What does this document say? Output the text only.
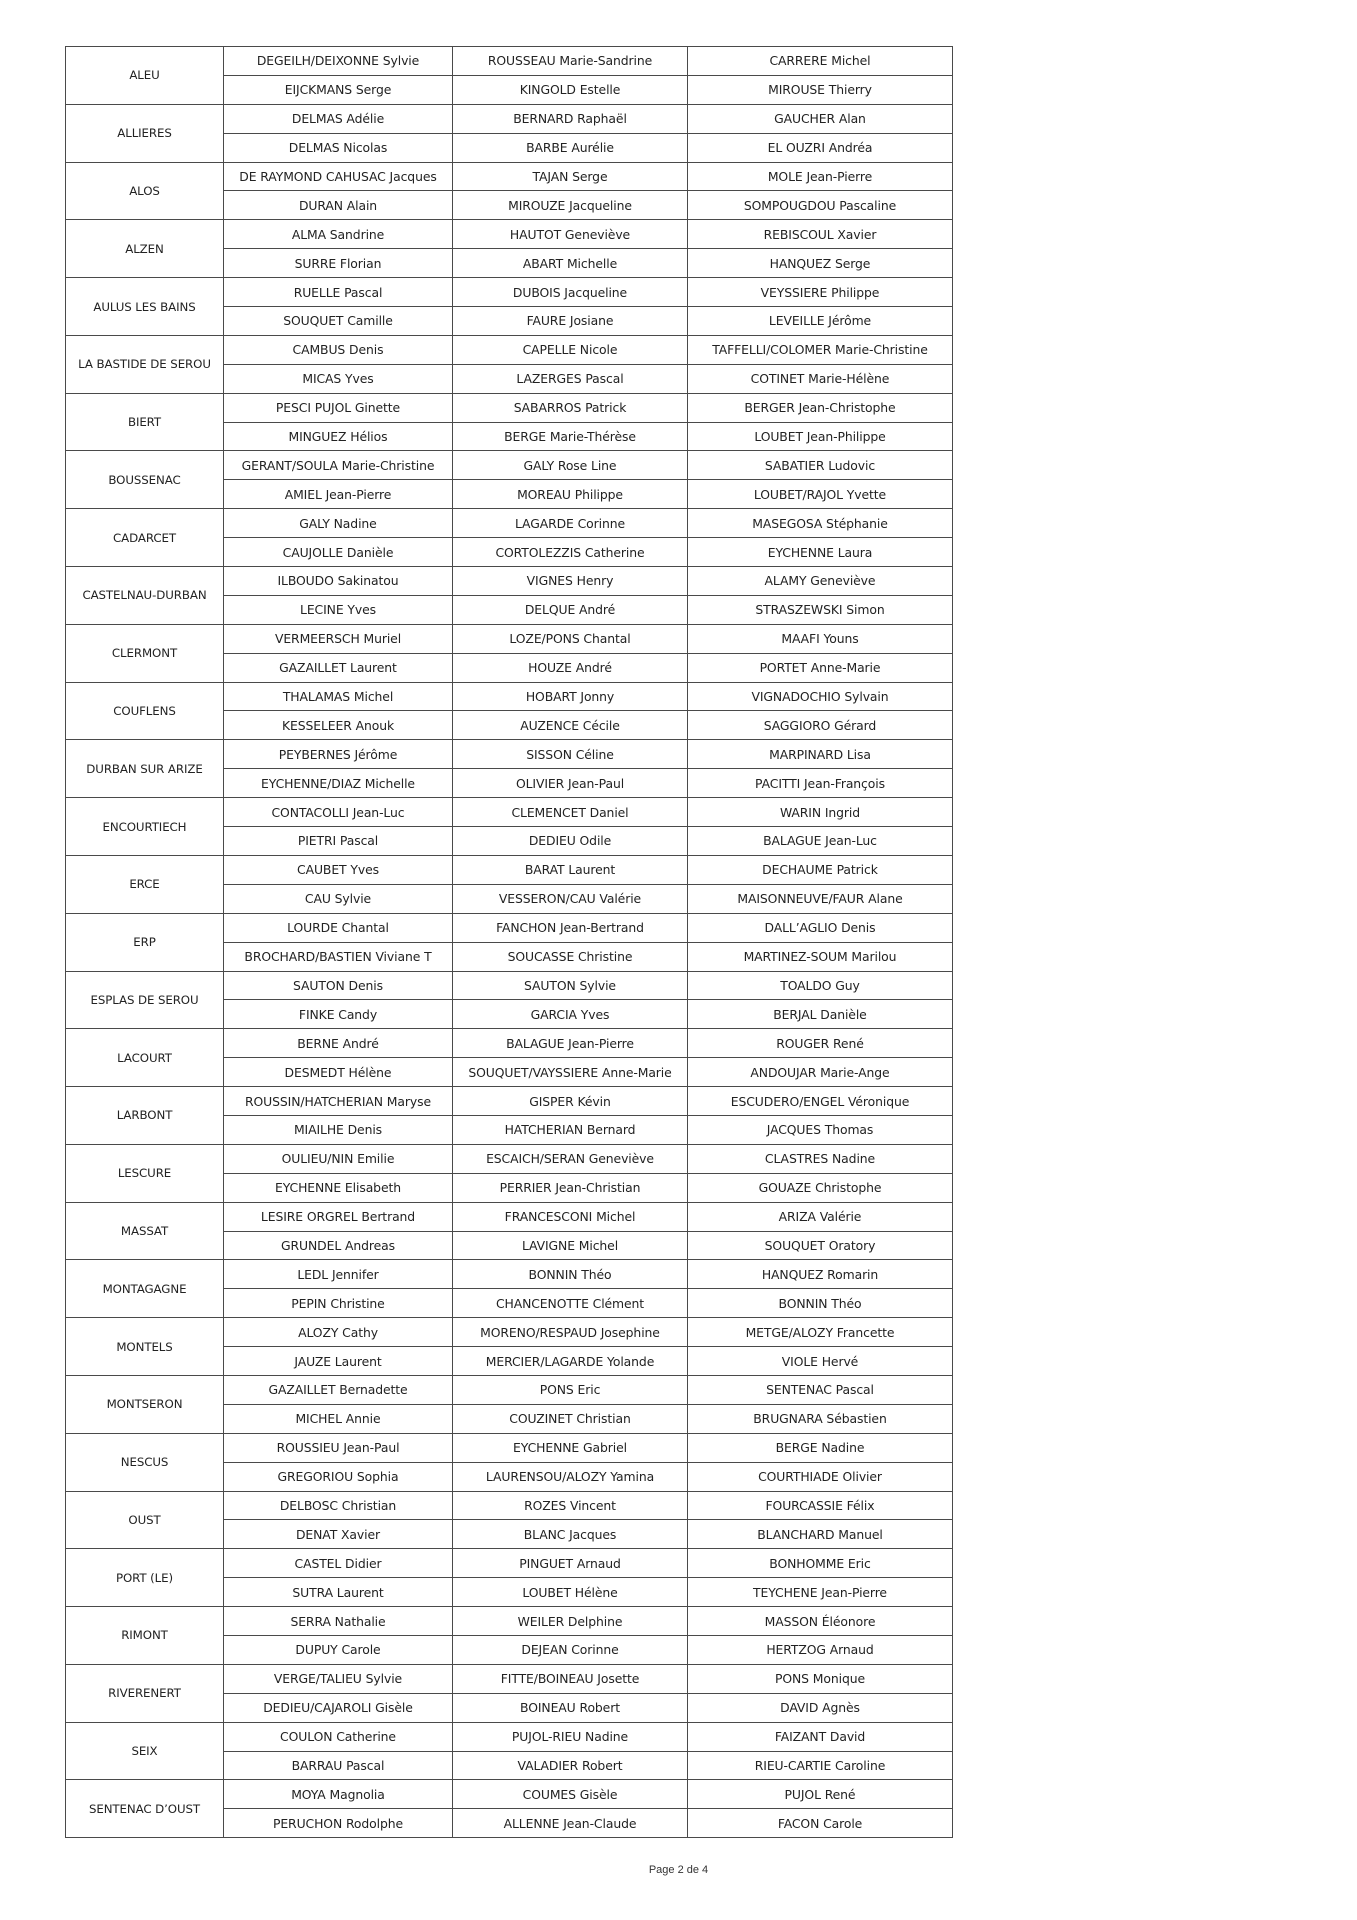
ALEU	DEGEILH/DEIXONNE Sylvie	ROUSSEAU Marie-Sandrine	CARRERE Michel
	EIJCKMANS Serge	KINGOLD Estelle	MIROUSE Thierry
ALLIERES	DELMAS Adélie	BERNARD Raphaël	GAUCHER Alan
	DELMAS Nicolas	BARBE Aurélie	EL OUZRI Andréa
ALOS	DE RAYMOND CAHUSAC Jacques	TAJAN Serge	MOLE Jean-Pierre
	DURAN Alain	MIROUZE Jacqueline	SOMPOUGDOU Pascaline
ALZEN	ALMA Sandrine	HAUTOT Geneviève	REBISCOUL Xavier
	SURRE Florian	ABART Michelle	HANQUEZ Serge
AULUS LES BAINS	RUELLE Pascal	DUBOIS Jacqueline	VEYSSIERE Philippe
	SOUQUET Camille	FAURE Josiane	LEVEILLE Jérôme
LA BASTIDE DE SEROU	CAMBUS Denis	CAPELLE Nicole	TAFFELLI/COLOMER Marie-Christine
	MICAS Yves	LAZERGES Pascal	COTINET Marie-Hélène
BIERT	PESCI PUJOL Ginette	SABARROS Patrick	BERGER Jean-Christophe
	MINGUEZ Hélios	BERGE Marie-Thérèse	LOUBET Jean-Philippe
BOUSSENAC	GERANT/SOULA Marie-Christine	GALY Rose Line	SABATIER Ludovic
	AMIEL Jean-Pierre	MOREAU Philippe	LOUBET/RAJOL Yvette
CADARCET	GALY Nadine	LAGARDE Corinne	MASEGOSA Stéphanie
	CAUJOLLE Danièle	CORTOLEZZIS Catherine	EYCHENNE Laura
CASTELNAU-DURBAN	ILBOUDO Sakinatou	VIGNES Henry	ALAMY Geneviève
	LECINE Yves	DELQUE André	STRASZEWSKI Simon
CLERMONT	VERMEERSCH Muriel	LOZE/PONS Chantal	MAAFI Youns
	GAZAILLET Laurent	HOUZE André	PORTET Anne-Marie
COUFLENS	THALAMAS Michel	HOBART Jonny	VIGNADOCHIO Sylvain
	KESSELEER Anouk	AUZENCE Cécile	SAGGIORO Gérard
DURBAN SUR ARIZE	PEYBERNES Jérôme	SISSON Céline	MARPINARD Lisa
	EYCHENNE/DIAZ Michelle	OLIVIER Jean-Paul	PACITTI Jean-François
ENCOURTIECH	CONTACOLLI Jean-Luc	CLEMENCET Daniel	WARIN Ingrid
	PIETRI Pascal	DEDIEU Odile	BALAGUE Jean-Luc
ERCE	CAUBET Yves	BARAT Laurent	DECHAUME Patrick
	CAU Sylvie	VESSERON/CAU Valérie	MAISONNEUVE/FAUR Alane
ERP	LOURDE Chantal	FANCHON Jean-Bertrand	DALL’AGLIO Denis
	BROCHARD/BASTIEN Viviane T	SOUCASSE Christine	MARTINEZ-SOUM Marilou
ESPLAS DE SEROU	SAUTON Denis	SAUTON Sylvie	TOALDO Guy
	FINKE Candy	GARCIA Yves	BERJAL Danièle
LACOURT	BERNE André	BALAGUE Jean-Pierre	ROUGER René
	DESMEDT Hélène	SOUQUET/VAYSSIERE Anne-Marie	ANDOUJAR Marie-Ange
LARBONT	ROUSSIN/HATCHERIAN Maryse	GISPER Kévin	ESCUDERO/ENGEL Véronique
	MIAILHE Denis	HATCHERIAN Bernard	JACQUES Thomas
LESCURE	OULIEU/NIN Emilie	ESCAICH/SERAN Geneviève	CLASTRES Nadine
	EYCHENNE Elisabeth	PERRIER Jean-Christian	GOUAZE Christophe
MASSAT	LESIRE ORGREL Bertrand	FRANCESCONI Michel	ARIZA Valérie
	GRUNDEL Andreas	LAVIGNE Michel	SOUQUET Oratory
MONTAGAGNE	LEDL Jennifer	BONNIN Théo	HANQUEZ Romarin
	PEPIN Christine	CHANCENOTTE Clément	BONNIN Théo
MONTELS	ALOZY Cathy	MORENO/RESPAUD Josephine	METGE/ALOZY Francette
	JAUZE Laurent	MERCIER/LAGARDE Yolande	VIOLE Hervé
MONTSERON	GAZAILLET Bernadette	PONS Eric	SENTENAC Pascal
	MICHEL Annie	COUZINET Christian	BRUGNARA Sébastien
NESCUS	ROUSSIEU Jean-Paul	EYCHENNE Gabriel	BERGE Nadine
	GREGORIOU Sophia	LAURENSOU/ALOZY Yamina	COURTHIADE Olivier
OUST	DELBOSC Christian	ROZES Vincent	FOURCASSIE Félix
	DENAT Xavier	BLANC Jacques	BLANCHARD Manuel
PORT (LE)	CASTEL Didier	PINGUET Arnaud	BONHOMME Eric
	SUTRA Laurent	LOUBET Hélène	TEYCHENE Jean-Pierre
RIMONT	SERRA Nathalie	WEILER Delphine	MASSON Éléonore
	DUPUY Carole	DEJEAN Corinne	HERTZOG Arnaud
RIVERENERT	VERGE/TALIEU Sylvie	FITTE/BOINEAU Josette	PONS Monique
	DEDIEU/CAJAROLI Gisèle	BOINEAU Robert	DAVID Agnès
SEIX	COULON Catherine	PUJOL-RIEU Nadine	FAIZANT David
	BARRAU Pascal	VALADIER Robert	RIEU-CARTIE Caroline
SENTENAC D’OUST	MOYA Magnolia	COUMES Gisèle	PUJOL René
	PERUCHON Rodolphe	ALLENNE Jean-Claude	FACON Carole
Page 2 de 4
